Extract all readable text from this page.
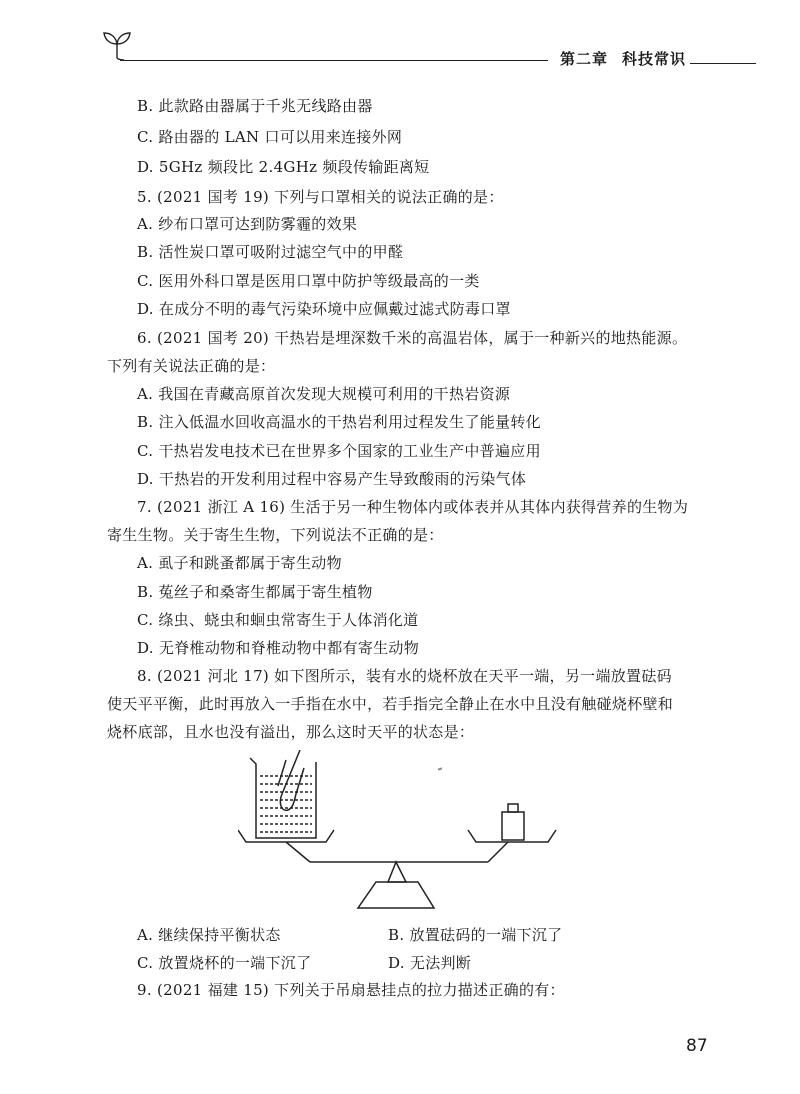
第二章 科技常识
B. 此款路由器属于千兆无线路由器
C. 路由器的 LAN 口可以用来连接外网
D. 5GHz 频段比 2.4GHz 频段传输距离短
5. (2021 国考 19) 下列与口罩相关的说法正确的是：
A. 纱布口罩可达到防雾霾的效果
B. 活性炭口罩可吸附过滤空气中的甲醛
C. 医用外科口罩是医用口罩中防护等级最高的一类
D. 在成分不明的毒气污染环境中应佩戴过滤式防毒口罩
6. (2021 国考 20) 干热岩是埋深数千米的高温岩体，属于一种新兴的地热能源。
下列有关说法正确的是：
A. 我国在青藏高原首次发现大规模可利用的干热岩资源
B. 注入低温水回收高温水的干热岩利用过程发生了能量转化
C. 干热岩发电技术已在世界多个国家的工业生产中普遍应用
D. 干热岩的开发利用过程中容易产生导致酸雨的污染气体
7. (2021 浙江 A 16) 生活于另一种生物体内或体表并从其体内获得营养的生物为
寄生生物。关于寄生生物，下列说法不正确的是：
A. 虱子和跳蚤都属于寄生动物
B. 菟丝子和桑寄生都属于寄生植物
C. 绦虫、蛲虫和蛔虫常寄生于人体消化道
D. 无脊椎动物和脊椎动物中都有寄生动物
8. (2021 河北 17) 如下图所示，装有水的烧杯放在天平一端，另一端放置砝码
使天平平衡，此时再放入一手指在水中，若手指完全静止在水中且没有触碰烧杯壁和
烧杯底部，且水也没有溢出，那么这时天平的状态是：
A. 继续保持平衡状态	B. 放置砝码的一端下沉了
C. 放置烧杯的一端下沉了	D. 无法判断
9. (2021 福建 15) 下列关于吊扇悬挂点的拉力描述正确的有：
87
